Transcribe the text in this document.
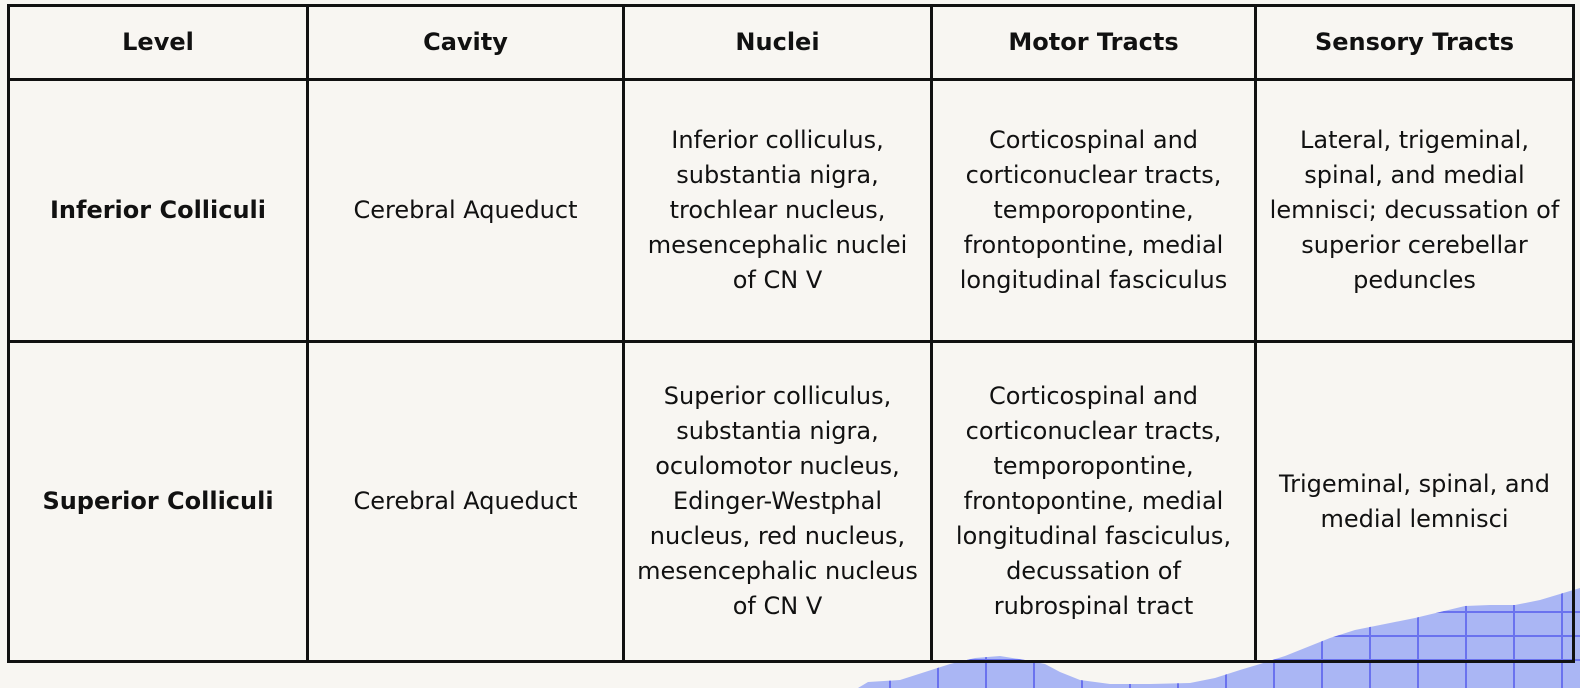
Level	Cavity	Nuclei	Motor Tracts	Sensory Tracts
Inferior Colliculi	Cerebral Aqueduct	Inferior colliculus, substantia nigra, trochlear nucleus, mesencephalic nuclei of CN V	Corticospinal and corticonuclear tracts, temporopontine, frontopontine, medial longitudinal fasciculus	Lateral, trigeminal, spinal, and medial lemnisci; decussation of superior cerebellar peduncles
Superior Colliculi	Cerebral Aqueduct	Superior colliculus, substantia nigra, oculomotor nucleus, Edinger-Westphal nucleus, red nucleus, mesencephalic nucleus of CN V	Corticospinal and corticonuclear tracts, temporopontine, frontopontine, medial longitudinal fasciculus, decussation of rubrospinal tract	Trigeminal, spinal, and medial lemnisci
